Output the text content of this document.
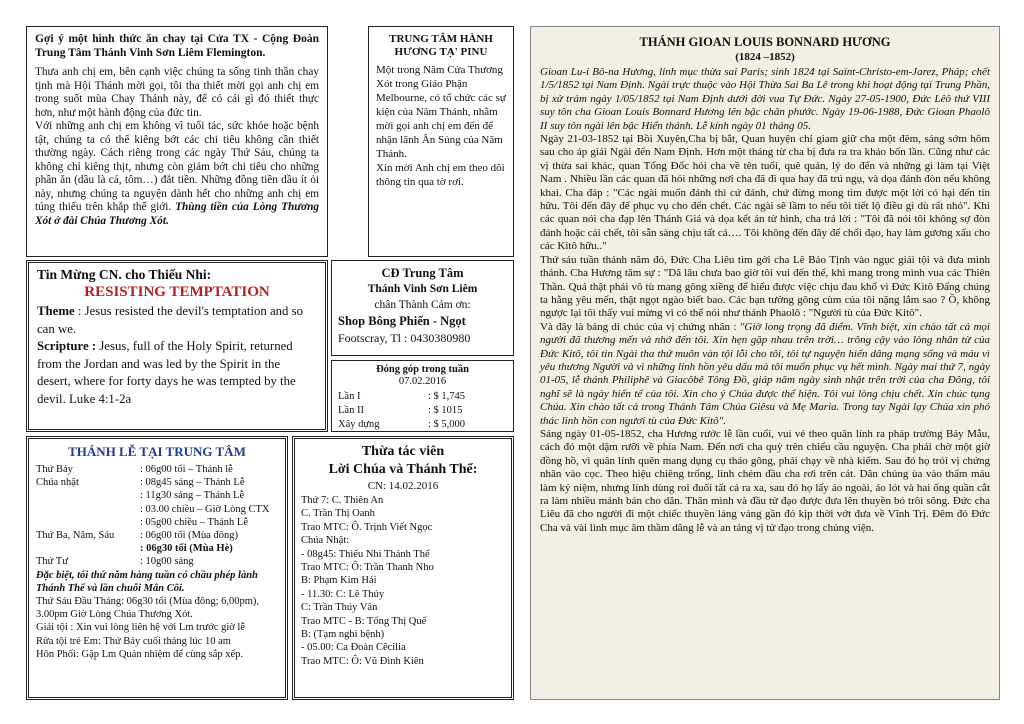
Gợi ý một hình thức ăn chay tại Cửa TX - Cộng Đoàn Trung Tâm Thánh Vinh Sơn Liêm Flemington.
Thưa anh chị em, bên cạnh việc chúng ta sống tinh thần chay tịnh mà Hội Thánh mời gọi, tôi tha thiết mời gọi anh chị em trong suốt mùa Chay Thánh này, để có cái gì đó thiết thực hơn, như một hành động của đức tin.
Với những anh chị em không vì tuổi tác, sức khỏe hoặc bệnh tật, chúng ta có thể kiêng bớt các chi tiêu không cần thiết thường ngày. Cách riêng trong các ngày Thứ Sáu, chúng ta không chỉ kiêng thịt, nhưng còn giảm bớt chi tiêu cho những phần ăn (dầu là cá, tôm…) đắt tiền. Những đồng tiền dầu ít ỏi này, nhưng chúng ta nguyện dành hết cho những anh chị em túng thiếu trên khắp thế giới. Thùng tiền của Lòng Thương Xót ở đài Chúa Thương Xót.
TRUNG TÂM HÀNH HƯƠNG TẠ' PINU
Một trong Năm Cửa Thương Xót trong Giáo Phận Melbourne, có tổ chức các sự kiện của Năm Thánh, nhằm mời gọi anh chị em đến để nhận lãnh Ân Sủng của Năm Thánh.
Xin mời Anh chị em theo dõi thông tin qua tờ rơi.
Tin Mừng CN. cho Thiếu Nhi:
RESISTING TEMPTATION
Theme : Jesus resisted the devil's temptation and so can we.
Scripture : Jesus, full of the Holy Spirit, returned from the Jordan and was led by the Spirit in the desert, where for forty days he was tempted by the devil. Luke 4:1-2a
CĐ Trung Tâm
Thánh Vinh Sơn Liêm
chân Thành Cảm ơn:
Shop Bông Phiến - Ngọt
Footscray, Tl : 0430380980
Đóng góp trong tuần
07.02.2016
Lần I	: $ 1,745
Lần II	: $ 1015
Xây dựng	: $ 5,000
THÁNH LỄ TẠI TRUNG TÂM
Thứ Bảy	: 06g00 tối – Thánh lễ
Chúa nhật	: 08g45 sáng – Thánh Lễ
: 11g30 sáng – Thánh Lễ
: 03.00 chiều – Giờ Lòng CTX
: 05g00 chiều – Thánh Lễ
Thứ Ba, Năm, Sáu	: 06g00 tối (Mùa đông)
: 06g30 tối (Mùa Hè)
Thứ Tư	: 10g00 sáng
Đặc biệt, tối thứ năm hàng tuần có chầu phép lành Thánh Thể và lần chuỗi Mân Côi.
Thứ Sáu Đầu Tháng: 06g30 tối (Mùa đông; 6,00pm), 3.00pm Giờ Lòng Chúa Thương Xót.
Giải tội : Xin vui lòng liên hệ với Lm trước giờ lễ
Rửa tội trẻ Em: Thứ Bảy cuối tháng lúc 10 am
Hôn Phối: Gặp Lm Quản nhiệm để cùng sắp xếp.
Thừa tác viên
Lời Chúa và Thánh Thể:
CN: 14.02.2016
Thứ 7: C. Thiên An
C. Trần Thị Oanh
Trao MTC: Ô. Trịnh Viết Ngọc
Chúa Nhật:
- 08g45: Thiếu Nhi Thánh Thể
Trao MTC: Ô: Trần Thanh Nho
B: Phạm Kim Hải
- 11.30: C: Lê Thủy
C: Trần Thúy Vân
Trao MTC - B: Tống Thị Quế
B: (Tạm nghỉ bệnh)
- 05.00: Ca Đoàn Cêcilia
Trao MTC: Ô: Vũ Đình Kiên
THÁNH GIOAN LOUIS BONNARD HƯƠNG
(1824 –1852)
Gioan Lu-i Bô-na Hương, linh mục thừa sai Paris; sinh 1824 tại Saint-Christo-em-Jarez, Pháp; chết 1/5/1852 tại Nam Định. Ngài trực thuộc vào Hội Thừa Sai Ba Lê trong khi hoạt động tại Trung Phần, bị xử trảm ngày 1/05/1852 tại Nam Định dưới đời vua Tự Đức. Ngày 27-05-1900, Đức Lêô thứ VIII suy tôn cha Gioan Louis Bonnard Hương lên bậc chân phước. Ngày 19-06-1988, Đức Gioan Phaolô II suy tôn ngài lên bậc Hiển thánh. Lễ kính ngày 01 tháng 05.
Ngày 21-03-1852 tại Bồi Xuyên,Cha bị bắt, Quan huyện chỉ giam giữ cha một đêm, sáng sớm hôm sau cho áp giải Ngài đến Nam Định. Hơn một tháng từ cha bị đưa ra tra khảo bốn lần. Cũng như các vị thừa sai khác, quan Tổng Đốc hỏi cha về tên tuổi, quê quán, lý do đến và những gì làm tại Việt Nam . Nhiều lần các quan đã hỏi những nơi cha đã đi qua hay đã trú ngụ, và dọa đánh đòn nếu không khai. Cha đáp : "Các ngài muốn đánh thì cứ đánh, chứ đừng mong tìm được một lời có hại đến tín hữu. Tôi đến đây để phục vụ cho đến chết. Các ngài sẽ lầm to nếu tôi tiết lộ điều gì dù rất nhỏ". Khi các quan nói cha đạp lên Thánh Giá và dọa kết án tử hình, cha trả lời : "Tôi đã nói tôi không sợ đòn đánh hoặc cái chết, tôi sẵn sàng chịu tất cả…. Tôi không đến đây để chối đạo, hay làm gương xấu cho các Kitô hữu.."
Thứ sáu tuần thánh năm đó, Đức Cha Liêu tìm gởi cha Lê Bảo Tịnh vào ngục giải tội và đưa mình thánh. Cha Hương tâm sự : "Dã lâu chưa bao giờ tôi vui đến thế, khi mang trong mình vua các Thiên Thần. Quả thật phải vô tù mang gông xiềng để hiểu được việc chịu đau khổ vì Đức Kitô Đấng chúng ta hằng yêu mến, thật ngọt ngào biết bao. Các bạn tưởng gông cùm của tôi nặng lắm sao ? Ồ, không ngược lại tôi thấy vui mừng vì có thể nói như thánh Phaolô : "Người tù của Đức Kitô".
Và đây là bảng di chúc của vị chứng nhân : "Giờ long trọng đã điểm. Vĩnh biệt, xin chào tất cả mọi người đã thương mến và nhớ đến tôi. Xin hẹn gặp nhau trên trời… trông cậy vào lòng nhân từ của Đức Kitô, tôi tin Ngài tha thứ muôn vàn tội lỗi cho tôi, tôi tự nguyện hiến dâng mạng sống và máu vì yêu thương Người và vì những linh hồn yêu dấu mà tôi muốn phục vụ hết mình. Ngày mai thứ 7, ngày 01-05, lễ thánh Philiphê và Giacôbê Tông Đồ, giáp năm ngày sinh nhật trên trời của cha Đông, tôi nghĩ sẽ là ngày hiến tế của tôi. Xin cho ý Chúa được thể hiện. Tôi vui lòng chịu chết. Xin chúc tụng Chúa. Xin chào tất cả trong Thánh Tâm Chúa Giêsu và Mẹ Maria. Trong tay Ngài lạy Chúa xin phó thác linh hồn con ngươi tù của Đức Kitô".
Sáng ngày 01-05-1852, cha Hương rước lễ lần cuối, vui vẻ theo quân lính ra pháp trường Bảy Mẫu, cách đó một dặm rưỡi về phía Nam. Đến nơi cha quỳ trên chiếu cầu nguyện. Cha phải chờ một giờ đồng hồ, vì quân lính quên mang dụng cụ tháo gông, phải chạy về nhà kiếm. Sau đó họ trói vị chứng nhân vào cọc. Theo hiệu chiêng trống, lính chém đầu cha rơi trên cát. Dân chúng ùa vào thấm máu làm kỷ niệm, nhưng lính dùng roi đuổi tất cả ra xa, sau đó họ lấy áo ngoài, áo lót và hai ống quần cắt ra làm nhiều mảnh bán cho dân. Thân mình và đầu tử đạo được đưa lên thuyền bỏ trôi sông. Đức cha Liêu đã cho người đi một chiếc thuyền lảng vảng gần đó kịp thời vớt đưa về Vĩnh Trị. Đêm đó Đức Cha và vài linh mục âm thầm dâng lễ và an táng vị tử đạo trong chủng viện.
